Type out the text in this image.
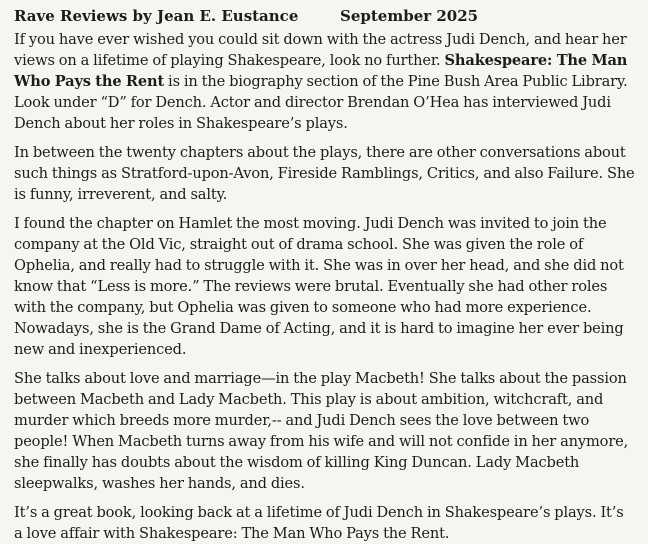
Rave Reviews by Jean E. Eustance	September 2025

If you have ever wished you could sit down with the actress Judi Dench, and hear her views on a lifetime of playing Shakespeare, look no further. Shakespeare: The Man Who Pays the Rent is in the biography section of the Pine Bush Area Public Library. Look under “D” for Dench. Actor and director Brendan O’Hea has interviewed Judi Dench about her roles in Shakespeare’s plays.

In between the twenty chapters about the plays, there are other conversations about such things as Stratford-upon-Avon, Fireside Ramblings, Critics, and also Failure. She is funny, irreverent, and salty.

I found the chapter on Hamlet the most moving. Judi Dench was invited to join the company at the Old Vic, straight out of drama school. She was given the role of Ophelia, and really had to struggle with it. She was in over her head, and she did not know that “Less is more.” The reviews were brutal. Eventually she had other roles with the company, but Ophelia was given to someone who had more experience. Nowadays, she is the Grand Dame of Acting, and it is hard to imagine her ever being new and inexperienced.

She talks about love and marriage—in the play Macbeth! She talks about the passion between Macbeth and Lady Macbeth. This play is about ambition, witchcraft, and murder which breeds more murder,-- and Judi Dench sees the love between two people! When Macbeth turns away from his wife and will not confide in her anymore, she finally has doubts about the wisdom of killing King Duncan. Lady Macbeth sleepwalks, washes her hands, and dies.

It’s a great book, looking back at a lifetime of Judi Dench in Shakespeare’s plays. It’s a love affair with Shakespeare: The Man Who Pays the Rent.
